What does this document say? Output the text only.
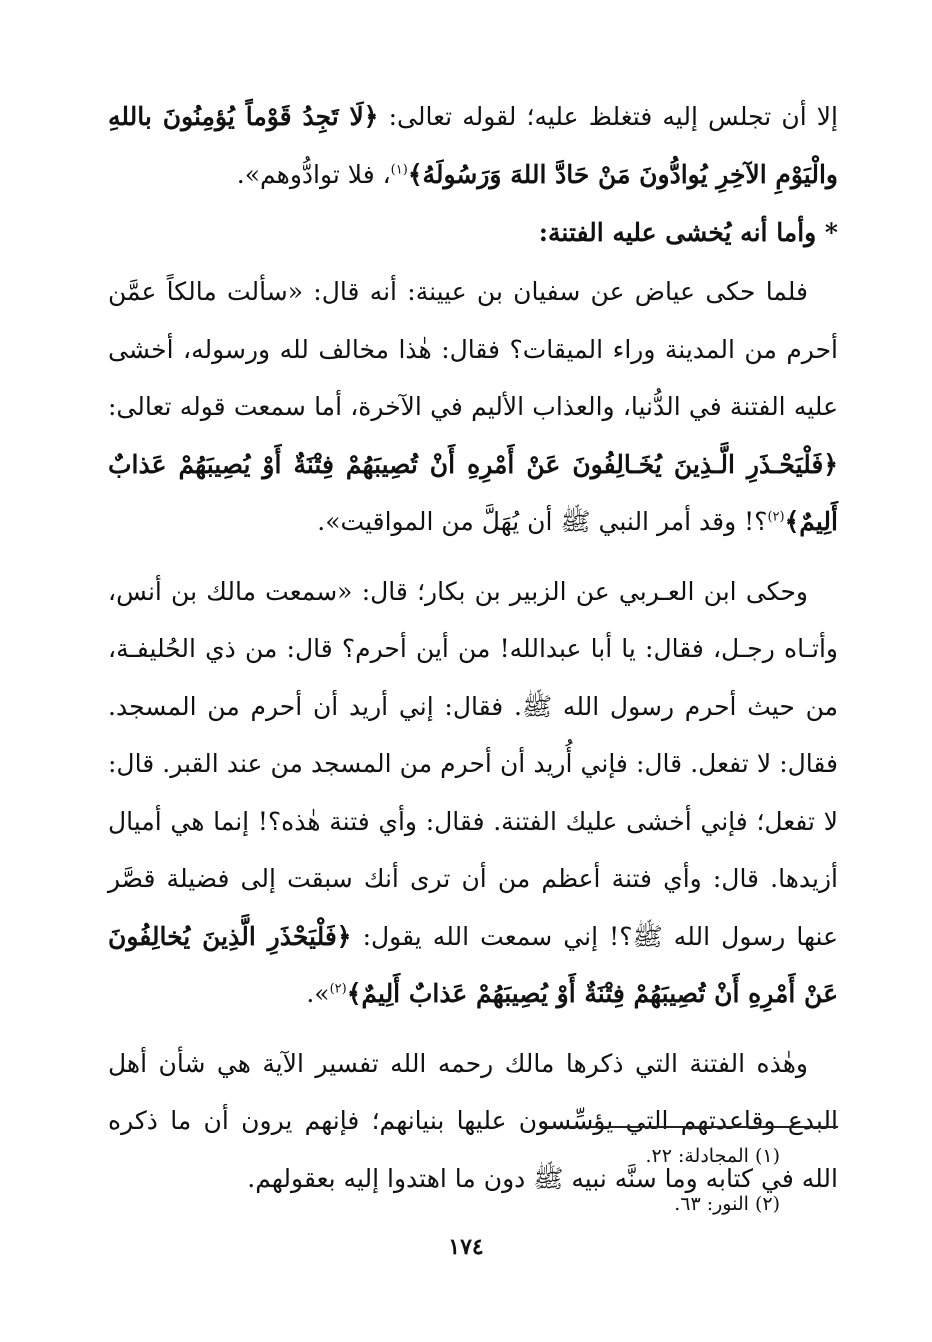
إلا أن تجلس إليه فتغلظ عليه؛ لقوله تعالى: ﴿لَا تَجِدُ قَوْماً يُؤمِنُونَ باللهِ والْيَوْمِ الآخِرِ يُوادُّونَ مَنْ حَادَّ اللهَ وَرَسُولَهُ﴾$^{(١)}$، فلا توادُّوهم».

* وأما أنه يُخشى عليه الفتنة:

فلما حكى عياض عن سفيان بن عيينة: أنه قال: «سألت مالكاً عمَّن أحرم من المدينة وراء الميقات؟ فقال: هٰذا مخالف لله ورسوله، أخشى عليه الفتنة في الدُّنيا، والعذاب الأليم في الآخرة، أما سمعت قوله تعالى: ﴿فَلْيَحْـذَرِ الَّـذِينَ يُخَـالِفُونَ عَنْ أَمْرِهِ أَنْ تُصِيبَهُمْ فِتْنَةٌ أَوْ يُصِيبَهُمْ عَذابٌ أَلِيمٌ﴾$^{(٢)}$؟! وقد أمر النبي ﷺ أن يُهَلَّ من المواقيت».

وحكى ابن العـربي عن الزبير بن بكار؛ قال: «سمعت مالك بن أنس، وأتـاه رجـل، فقال: يا أبا عبدالله! من أين أحرم؟ قال: من ذي الحُليفـة، من حيث أحرم رسول الله ﷺ. فقال: إني أريد أن أحرم من المسجد. فقال: لا تفعل. قال: فإني أُريد أن أحرم من المسجد من عند القبر. قال: لا تفعل؛ فإني أخشى عليك الفتنة. فقال: وأي فتنة هٰذه؟! إنما هي أميال أزيدها. قال: وأي فتنة أعظم من أن ترى أنك سبقت إلى فضيلة قصَّر عنها رسول الله ﷺ؟! إني سمعت الله يقول: ﴿فَلْيَحْذَرِ الَّذِينَ يُخالِفُونَ عَنْ أَمْرِهِ أَنْ تُصِيبَهُمْ فِتْنَةٌ أَوْ يُصِيبَهُمْ عَذابٌ أَلِيمٌ﴾$^{(٢)}$».

وهٰذه الفتنة التي ذكرها مالك رحمه الله تفسير الآية هي شأن أهل البدع وقاعدتهم التي يؤسِّسون عليها بنيانهم؛ فإنهم يرون أن ما ذكره الله في كتابه وما سنَّه نبيه ﷺ دون ما اهتدوا إليه بعقولهم.

(١) المجادلة: ٢٢.
(٢) النور: ٦٣.
١٧٤
